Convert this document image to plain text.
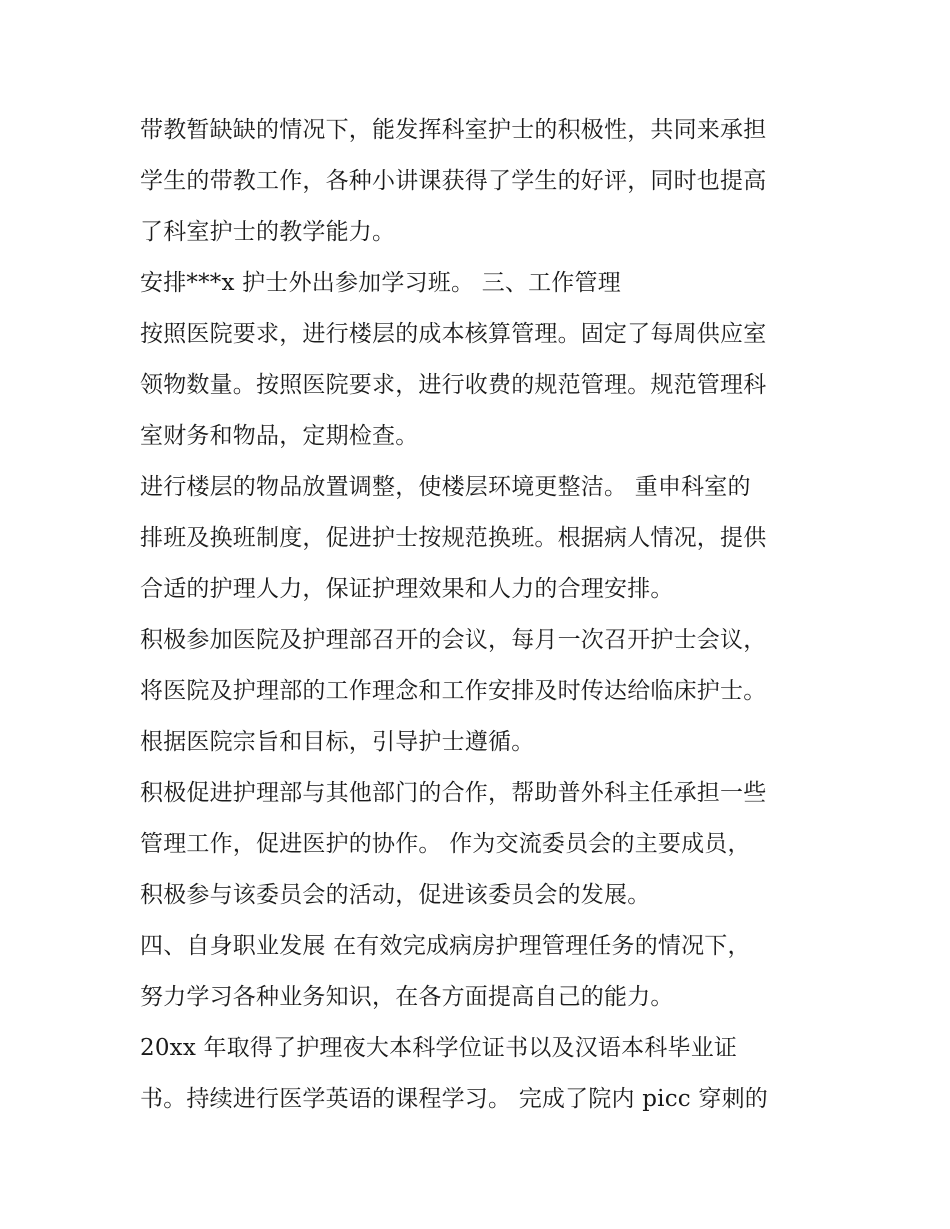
带教暂缺缺的情况下，能发挥科室护士的积极性，共同来承担
学生的带教工作，各种小讲课获得了学生的好评，同时也提高
了科室护士的教学能力。
安排***x 护士外出参加学习班。 三、工作管理
按照医院要求，进行楼层的成本核算管理。固定了每周供应室
领物数量。按照医院要求，进行收费的规范管理。规范管理科
室财务和物品，定期检查。
进行楼层的物品放置调整，使楼层环境更整洁。 重申科室的
排班及换班制度，促进护士按规范换班。根据病人情况，提供
合适的护理人力，保证护理效果和人力的合理安排。
积极参加医院及护理部召开的会议，每月一次召开护士会议，
将医院及护理部的工作理念和工作安排及时传达给临床护士。
根据医院宗旨和目标，引导护士遵循。
积极促进护理部与其他部门的合作，帮助普外科主任承担一些
管理工作，促进医护的协作。 作为交流委员会的主要成员，
积极参与该委员会的活动，促进该委员会的发展。
四、自身职业发展 在有效完成病房护理管理任务的情况下，
努力学习各种业务知识，在各方面提高自己的能力。
20xx 年取得了护理夜大本科学位证书以及汉语本科毕业证
书。持续进行医学英语的课程学习。 完成了院内 picc 穿刺的
